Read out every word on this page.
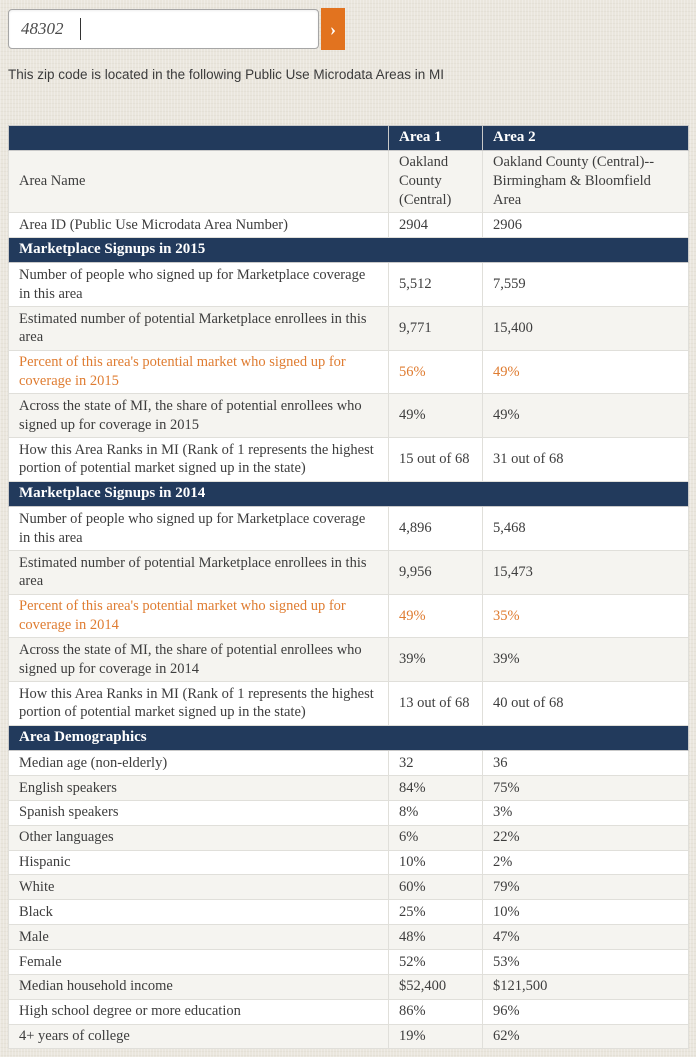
48302
›
This zip code is located in the following Public Use Microdata Areas in MI
	Area 1	Area 2
Area Name	Oakland County (Central)	Oakland County (Central)--Birmingham & Bloomfield Area
Area ID (Public Use Microdata Area Number)	2904	2906
Marketplace Signups in 2015		
Number of people who signed up for Marketplace coverage in this area	5,512	7,559
Estimated number of potential Marketplace enrollees in this area	9,771	15,400
Percent of this area's potential market who signed up for coverage in 2015	56%	49%
Across the state of MI, the share of potential enrollees who signed up for coverage in 2015	49%	49%
How this Area Ranks in MI (Rank of 1 represents the highest portion of potential market signed up in the state)	15 out of 68	31 out of 68
Marketplace Signups in 2014		
Number of people who signed up for Marketplace coverage in this area	4,896	5,468
Estimated number of potential Marketplace enrollees in this area	9,956	15,473
Percent of this area's potential market who signed up for coverage in 2014	49%	35%
Across the state of MI, the share of potential enrollees who signed up for coverage in 2014	39%	39%
How this Area Ranks in MI (Rank of 1 represents the highest portion of potential market signed up in the state)	13 out of 68	40 out of 68
Area Demographics		
Median age (non-elderly)	32	36
English speakers	84%	75%
Spanish speakers	8%	3%
Other languages	6%	22%
Hispanic	10%	2%
White	60%	79%
Black	25%	10%
Male	48%	47%
Female	52%	53%
Median household income	$52,400	$121,500
High school degree or more education	86%	96%
4+ years of college	19%	62%
